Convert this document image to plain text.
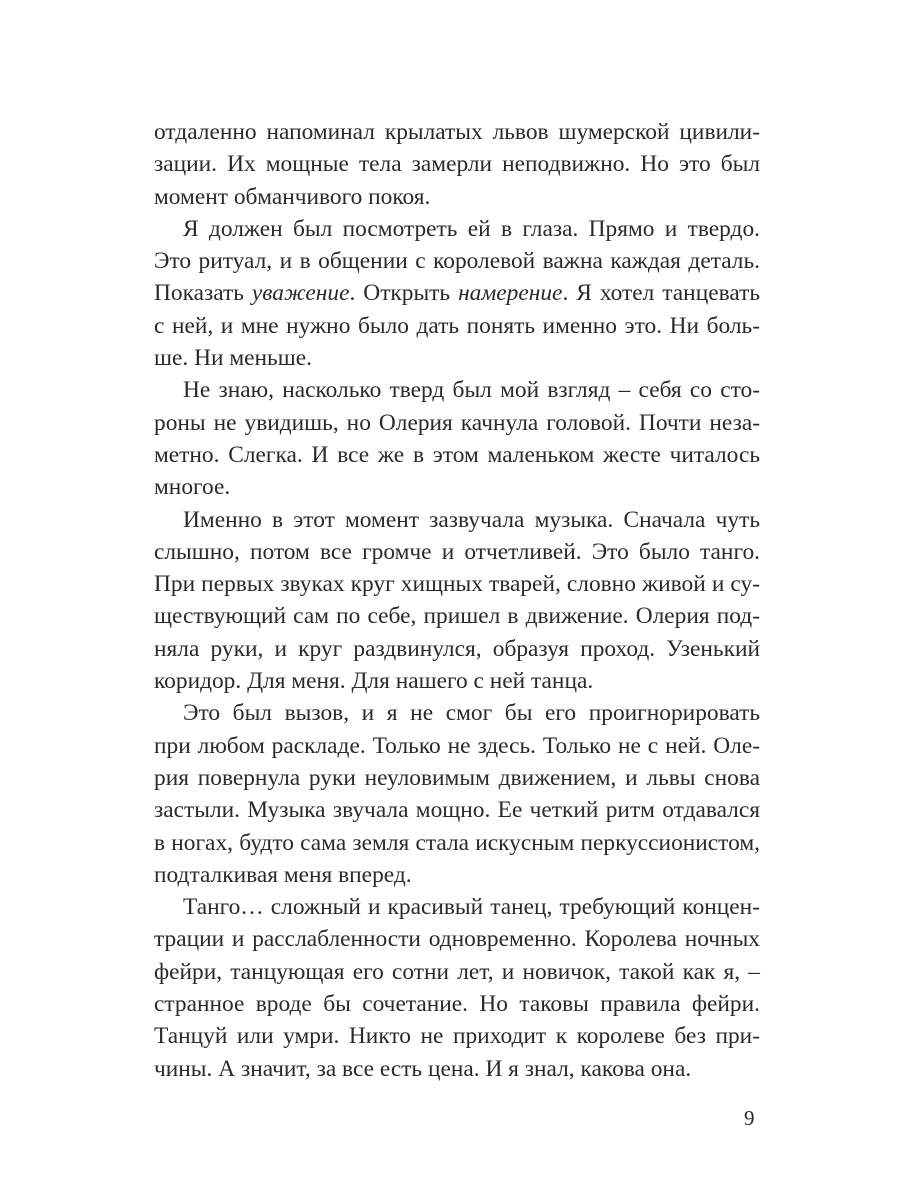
отдаленно напоминал крылатых львов шумерской цивили-
зации. Их мощные тела замерли неподвижно. Но это был
момент обманчивого покоя.
Я должен был посмотреть ей в глаза. Прямо и твердо.
Это ритуал, и в общении с королевой важна каждая деталь.
Показать уважение. Открыть намерение. Я хотел танцевать
с ней, и мне нужно было дать понять именно это. Ни боль-
ше. Ни меньше.
Не знаю, насколько тверд был мой взгляд – себя со сто-
роны не увидишь, но Олерия качнула головой. Почти неза-
метно. Слегка. И все же в этом маленьком жесте читалось
многое.
Именно в этот момент зазвучала музыка. Сначала чуть
слышно, потом все громче и отчетливей. Это было танго.
При первых звуках круг хищных тварей, словно живой и су-
ществующий сам по себе, пришел в движение. Олерия под-
няла руки, и круг раздвинулся, образуя проход. Узенький
коридор. Для меня. Для нашего с ней танца.
Это был вызов, и я не смог бы его проигнорировать
при любом раскладе. Только не здесь. Только не с ней. Оле-
рия повернула руки неуловимым движением, и львы снова
застыли. Музыка звучала мощно. Ее четкий ритм отдавался
в ногах, будто сама земля стала искусным перкуссионистом,
подталкивая меня вперед.
Танго… сложный и красивый танец, требующий концен-
трации и расслабленности одновременно. Королева ночных
фейри, танцующая его сотни лет, и новичок, такой как я, –
странное вроде бы сочетание. Но таковы правила фейри.
Танцуй или умри. Никто не приходит к королеве без при-
чины. А значит, за все есть цена. И я знал, какова она.
9
